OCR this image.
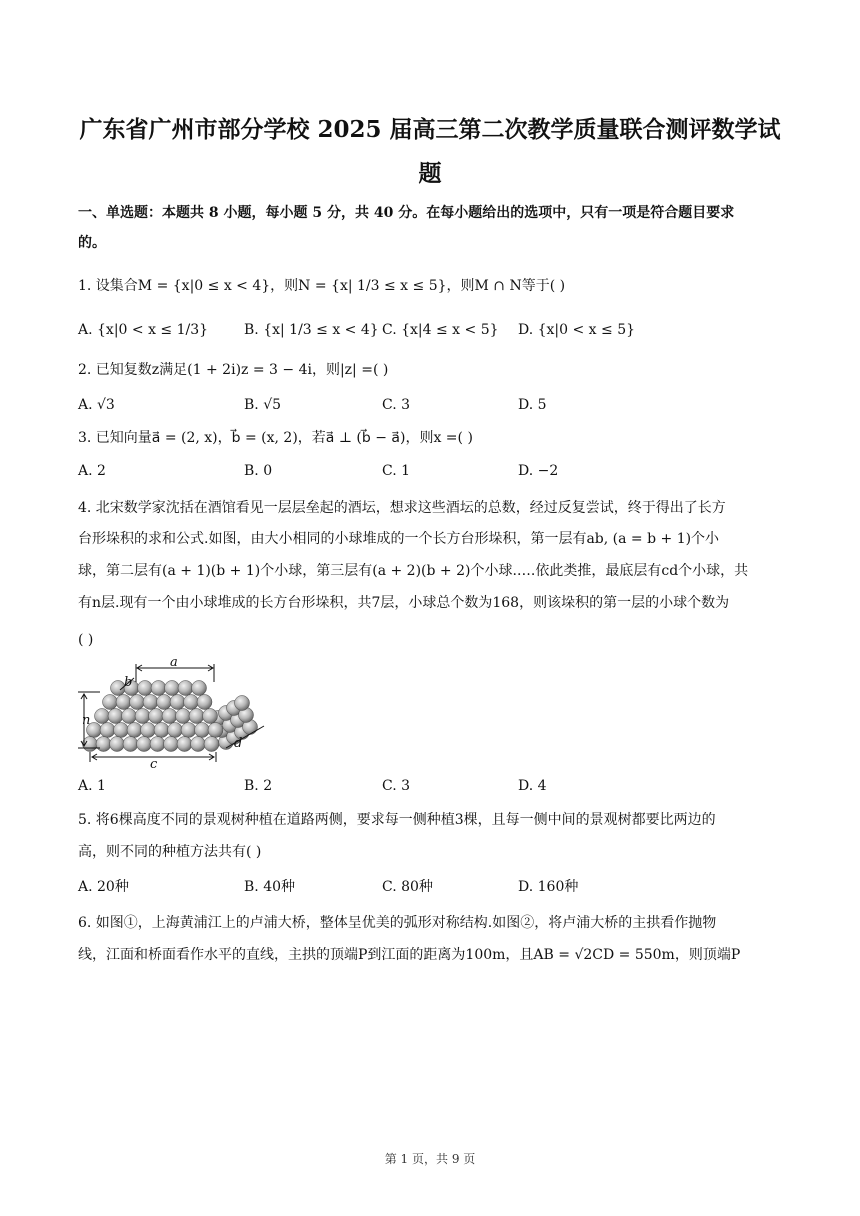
广东省广州市部分学校 2025 届高三第二次教学质量联合测评数学试
题
一、单选题：本题共 8 小题，每小题 5 分，共 40 分。在每小题给出的选项中，只有一项是符合题目要求
的。
1. 设集合M = {x|0 ≤ x < 4}，则N = {x| 1/3 ≤ x ≤ 5}，则M ∩ N等于( )
A. {x|0 < x ≤ 1/3}	B. {x| 1/3 ≤ x < 4} C. {x|4 ≤ x < 5} D. {x|0 < x ≤ 5}
2. 已知复数z满足(1 + 2i)z = 3 − 4i，则|z| =( )
A. √3	B. √5	C. 3	D. 5
3. 已知向量a⃗ = (2, x)，b⃗ = (x, 2)，若a⃗ ⊥ (b⃗ − a⃗)，则x =( )
A. 2	B. 0	C. 1	D. −2
4. 北宋数学家沈括在酒馆看见一层层垒起的酒坛，想求这些酒坛的总数，经过反复尝试，终于得出了长方
台形垛积的求和公式.如图，由大小相同的小球堆成的一个长方台形垛积，第一层有ab, (a = b + 1)个小
球，第二层有(a + 1)(b + 1)个小球，第三层有(a + 2)(b + 2)个小球.….依此类推，最底层有cd个小球，共
有n层.现有一个由小球堆成的长方台形垛积，共7层，小球总个数为168，则该垛积的第一层的小球个数为
( )
a
b
n
c
d
A. 1	B. 2	C. 3	D. 4
5. 将6棵高度不同的景观树种植在道路两侧，要求每一侧种植3棵，且每一侧中间的景观树都要比两边的
高，则不同的种植方法共有( )
A. 20种	B. 40种	C. 80种	D. 160种
6. 如图①，上海黄浦江上的卢浦大桥，整体呈优美的弧形对称结构.如图②，将卢浦大桥的主拱看作抛物
线，江面和桥面看作水平的直线，主拱的顶端P到江面的距离为100m，且AB = √2CD = 550m，则顶端P
第 1 页，共 9 页
